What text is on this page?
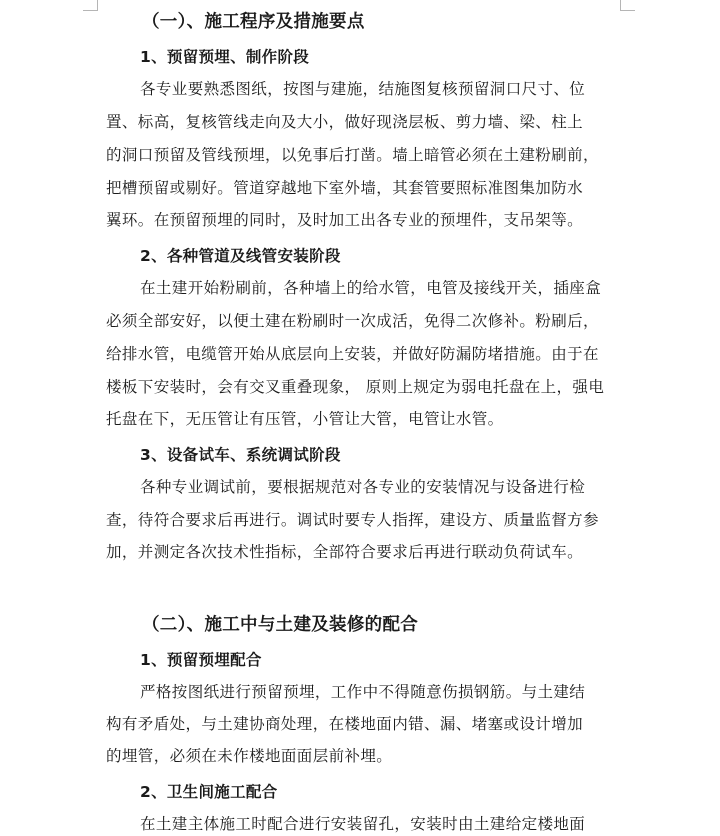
（一）、施工程序及措施要点
1、预留预埋、制作阶段
各专业要熟悉图纸，按图与建施，结施图复核预留洞口尺寸、位
置、标高，复核管线走向及大小，做好现浇层板、剪力墙、梁、柱上
的洞口预留及管线预埋，以免事后打凿。墙上暗管必须在土建粉刷前，
把槽预留或剔好。管道穿越地下室外墙，其套管要照标准图集加防水
翼环。在预留预埋的同时，及时加工出各专业的预埋件，支吊架等。
2、各种管道及线管安装阶段
在土建开始粉刷前，各种墙上的给水管，电管及接线开关，插座盒
必须全部安好，以便土建在粉刷时一次成活，免得二次修补。粉刷后，
给排水管，电缆管开始从底层向上安装，并做好防漏防堵措施。由于在
楼板下安装时，会有交叉重叠现象， 原则上规定为弱电托盘在上，强电
托盘在下，无压管让有压管，小管让大管，电管让水管。
3、设备试车、系统调试阶段
各种专业调试前，要根据规范对各专业的安装情况与设备进行检
查，待符合要求后再进行。调试时要专人指挥，建设方、质量监督方参
加，并测定各次技术性指标，全部符合要求后再进行联动负荷试车。
（二）、施工中与土建及装修的配合
1、预留预埋配合
严格按图纸进行预留预埋，工作中不得随意伤损钢筋。与土建结
构有矛盾处，与土建协商处理，在楼地面内错、漏、堵塞或设计增加
的埋管，必须在未作楼地面面层前补埋。
2、卫生间施工配合
在土建主体施工时配合进行安装留孔，安装时由土建给定楼地面
